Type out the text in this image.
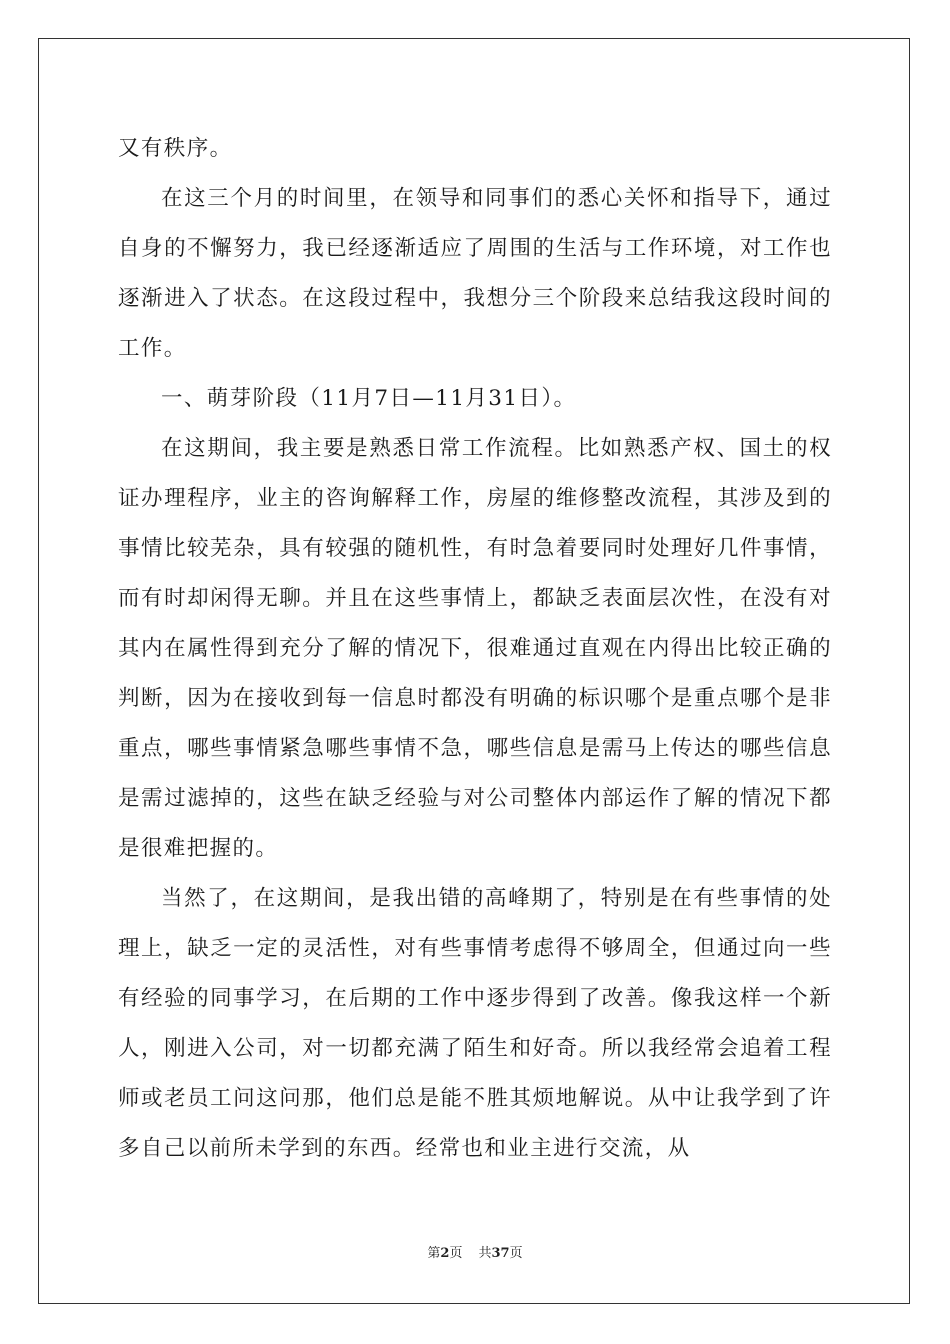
又有秩序。

在这三个月的时间里，在领导和同事们的悉心关怀和指导下，通过自身的不懈努力，我已经逐渐适应了周围的生活与工作环境，对工作也逐渐进入了状态。在这段过程中，我想分三个阶段来总结我这段时间的工作。

一、萌芽阶段（11月7日—11月31日）。

在这期间，我主要是熟悉日常工作流程。比如熟悉产权、国土的权证办理程序，业主的咨询解释工作，房屋的维修整改流程，其涉及到的事情比较芜杂，具有较强的随机性，有时急着要同时处理好几件事情，而有时却闲得无聊。并且在这些事情上，都缺乏表面层次性，在没有对其内在属性得到充分了解的情况下，很难通过直观在内得出比较正确的判断，因为在接收到每一信息时都没有明确的标识哪个是重点哪个是非重点，哪些事情紧急哪些事情不急，哪些信息是需马上传达的哪些信息是需过滤掉的，这些在缺乏经验与对公司整体内部运作了解的情况下都是很难把握的。

当然了，在这期间，是我出错的高峰期了，特别是在有些事情的处理上，缺乏一定的灵活性，对有些事情考虑得不够周全，但通过向一些有经验的同事学习，在后期的工作中逐步得到了改善。像我这样一个新人，刚进入公司，对一切都充满了陌生和好奇。所以我经常会追着工程师或老员工问这问那，他们总是能不胜其烦地解说。从中让我学到了许多自己以前所未学到的东西。经常也和业主进行交流，从

第2页 共37页
